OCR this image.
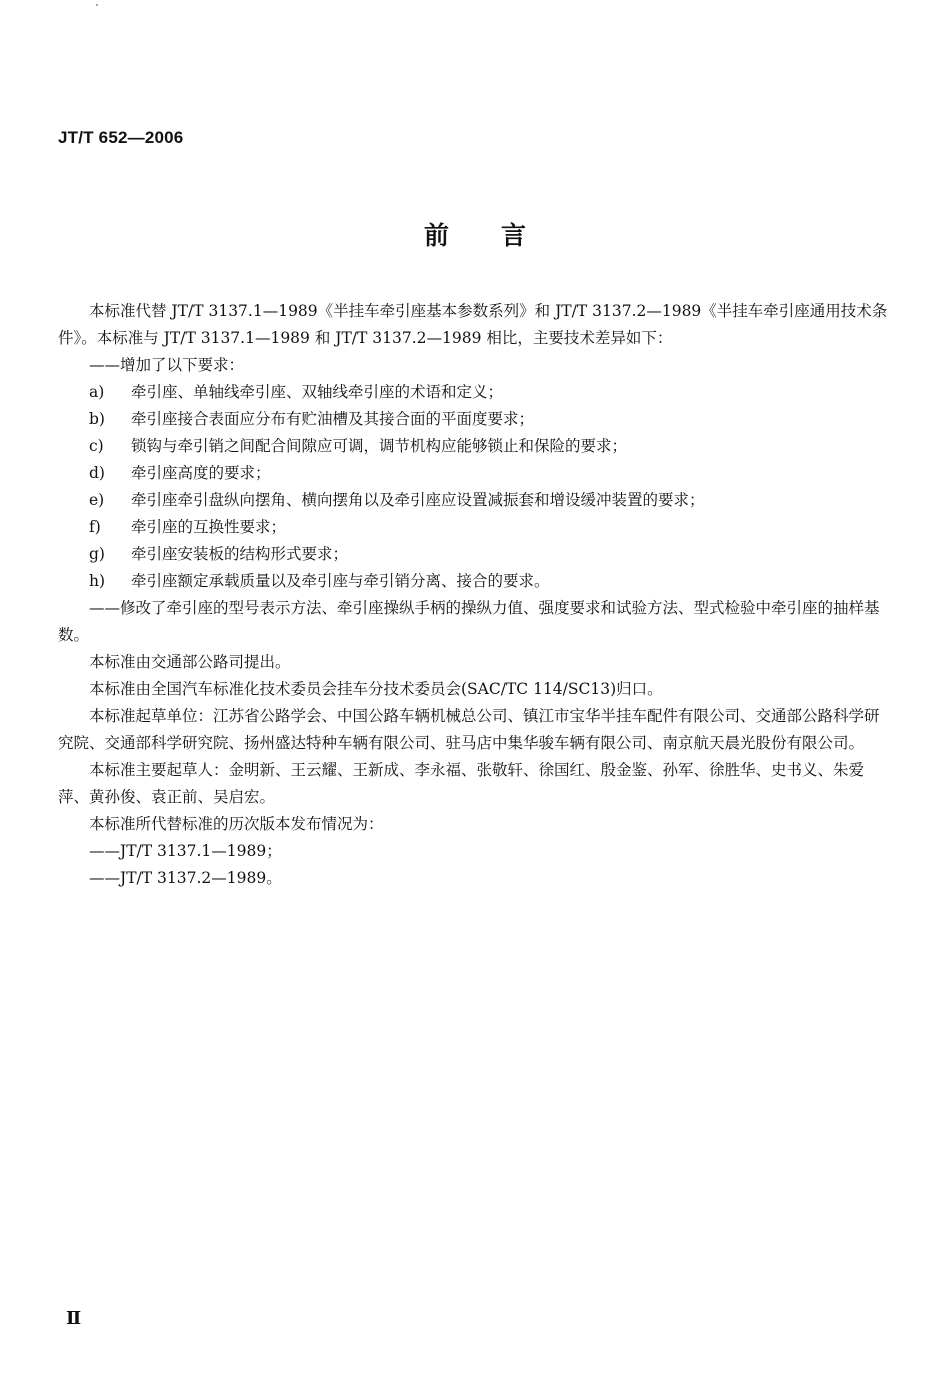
JT/T 652—2006
前言

本标准代替 JT/T 3137.1—1989《半挂车牵引座基本参数系列》和 JT/T 3137.2—1989《半挂车牵引座通用技术条件》。本标准与 JT/T 3137.1—1989 和 JT/T 3137.2—1989 相比，主要技术差异如下：

——增加了以下要求：

a) 牵引座、单轴线牵引座、双轴线牵引座的术语和定义；

b) 牵引座接合表面应分布有贮油槽及其接合面的平面度要求；

c) 锁钩与牵引销之间配合间隙应可调，调节机构应能够锁止和保险的要求；

d) 牵引座高度的要求；

e) 牵引座牵引盘纵向摆角、横向摆角以及牵引座应设置减振套和增设缓冲装置的要求；

f) 牵引座的互换性要求；

g) 牵引座安装板的结构形式要求；

h) 牵引座额定承载质量以及牵引座与牵引销分离、接合的要求。

——修改了牵引座的型号表示方法、牵引座操纵手柄的操纵力值、强度要求和试验方法、型式检验中牵引座的抽样基数。

本标准由交通部公路司提出。

本标准由全国汽车标准化技术委员会挂车分技术委员会(SAC/TC 114/SC13)归口。

本标准起草单位：江苏省公路学会、中国公路车辆机械总公司、镇江市宝华半挂车配件有限公司、交通部公路科学研究院、交通部科学研究院、扬州盛达特种车辆有限公司、驻马店中集华骏车辆有限公司、南京航天晨光股份有限公司。

本标准主要起草人：金明新、王云耀、王新成、李永福、张敬轩、徐国红、殷金鉴、孙军、徐胜华、史书义、朱爱萍、黄孙俊、袁正前、吴启宏。

本标准所代替标准的历次版本发布情况为：

——JT/T 3137.1—1989；

——JT/T 3137.2—1989。

Ⅱ
